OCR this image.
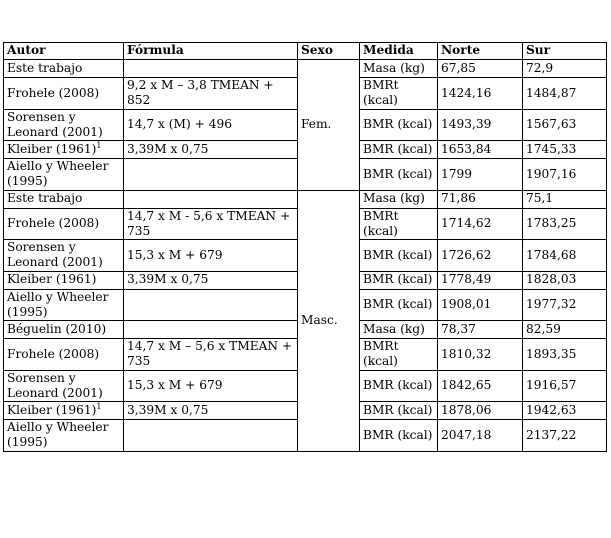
Autor	Fórmula	Sexo	Medida	Norte	Sur
Este trabajo		Fem.	Masa (kg)	67,85	72,9
Frohele (2008)	9,2 x M – 3,8 TMEAN + 852		BMRt (kcal)	1424,16	1484,87
Sorensen y Leonard (2001)	14,7 x (M) + 496		BMR (kcal)	1493,39	1567,63
Kleiber $(1961)^1$	3,39M x 0,75		BMR (kcal)	1653,84	1745,33
Aiello y Wheeler (1995)			BMR (kcal)	1799	1907,16
Este trabajo		Masc.	Masa (kg)	71,86	75,1
Frohele (2008)	14,7 x M - 5,6 x TMEAN + 735		BMRt (kcal)	1714,62	1783,25
Sorensen y Leonard (2001)	15,3 x M + 679		BMR (kcal)	1726,62	1784,68
Kleiber (1961)	3,39M x 0,75		BMR (kcal)	1778,49	1828,03
Aiello y Wheeler (1995)			BMR (kcal)	1908,01	1977,32
Béguelin (2010)			Masa (kg)	78,37	82,59
Frohele (2008)	14,7 x M – 5,6 x TMEAN + 735		BMRt (kcal)	1810,32	1893,35
Sorensen y Leonard (2001)	15,3 x M + 679		BMR (kcal)	1842,65	1916,57
Kleiber $(1961)^1$	3,39M x 0,75		BMR (kcal)	1878,06	1942,63
Aiello y Wheeler (1995)			BMR (kcal)	2047,18	2137,22
